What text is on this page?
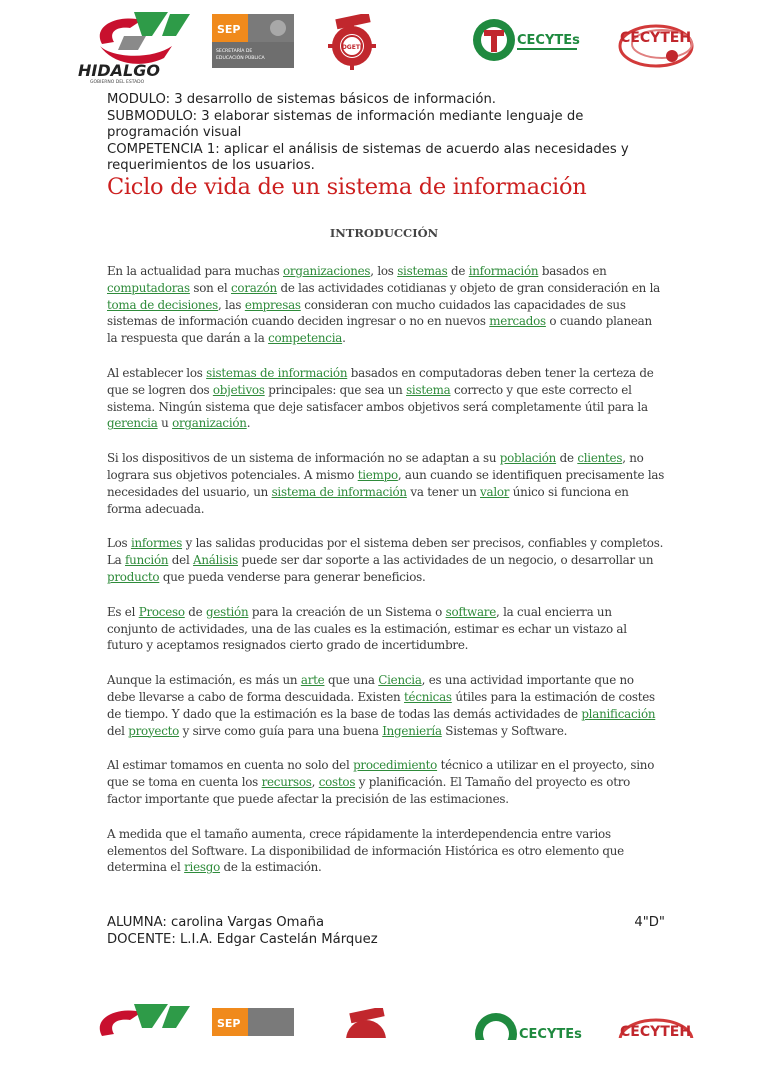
HIDALGO
GOBIERNO DEL ESTADO
SEP
SECRETARÍA DE
EDUCACIÓN PÚBLICA
DGETI	CECYTEs	CECYTEH
MODULO: 3 desarrollo de sistemas básicos de información.
SUBMODULO: 3 elaborar sistemas de información mediante lenguaje de programación visual
COMPETENCIA 1: aplicar el análisis de sistemas de acuerdo alas necesidades y requerimientos de los usuarios.
Ciclo de vida de un sistema de información
INTRODUCCIÓN

En la actualidad para muchas organizaciones, los sistemas de información basados en computadoras son el corazón de las actividades cotidianas y objeto de gran consideración en la toma de decisiones, las empresas consideran con mucho cuidados las capacidades de sus sistemas de información cuando deciden ingresar o no en nuevos mercados o cuando planean la respuesta que darán a la competencia.

Al establecer los sistemas de información basados en computadoras deben tener la certeza de que se logren dos objetivos principales: que sea un sistema correcto y que este correcto el sistema. Ningún sistema que deje satisfacer ambos objetivos será completamente útil para la gerencia u organización.

Si los dispositivos de un sistema de información no se adaptan a su población de clientes, no lograra sus objetivos potenciales. A mismo tiempo, aun cuando se identifiquen precisamente las necesidades del usuario, un sistema de información va tener un valor único si funciona en forma adecuada.

Los informes y las salidas producidas por el sistema deben ser precisos, confiables y completos. La función del Análisis puede ser dar soporte a las actividades de un negocio, o desarrollar un producto que pueda venderse para generar beneficios.

Es el Proceso de gestión para la creación de un Sistema o software, la cual encierra un conjunto de actividades, una de las cuales es la estimación, estimar es echar un vistazo al futuro y aceptamos resignados cierto grado de incertidumbre.

Aunque la estimación, es más un arte que una Ciencia, es una actividad importante que no debe llevarse a cabo de forma descuidada. Existen técnicas útiles para la estimación de costes de tiempo. Y dado que la estimación es la base de todas las demás actividades de planificación del proyecto y sirve como guía para una buena Ingeniería Sistemas y Software.

Al estimar tomamos en cuenta no solo del procedimiento técnico a utilizar en el proyecto, sino que se toma en cuenta los recursos, costos y planificación. El Tamaño del proyecto es otro factor importante que puede afectar la precisión de las estimaciones.

A medida que el tamaño aumenta, crece rápidamente la interdependencia entre varios elementos del Software. La disponibilidad de información Histórica es otro elemento que determina el riesgo de la estimación.

ALUMNA: carolina Vargas Omaña	4"D"
DOCENTE: L.I.A. Edgar Castelán Márquez
SEP
CECYTEs	CECYTEH
